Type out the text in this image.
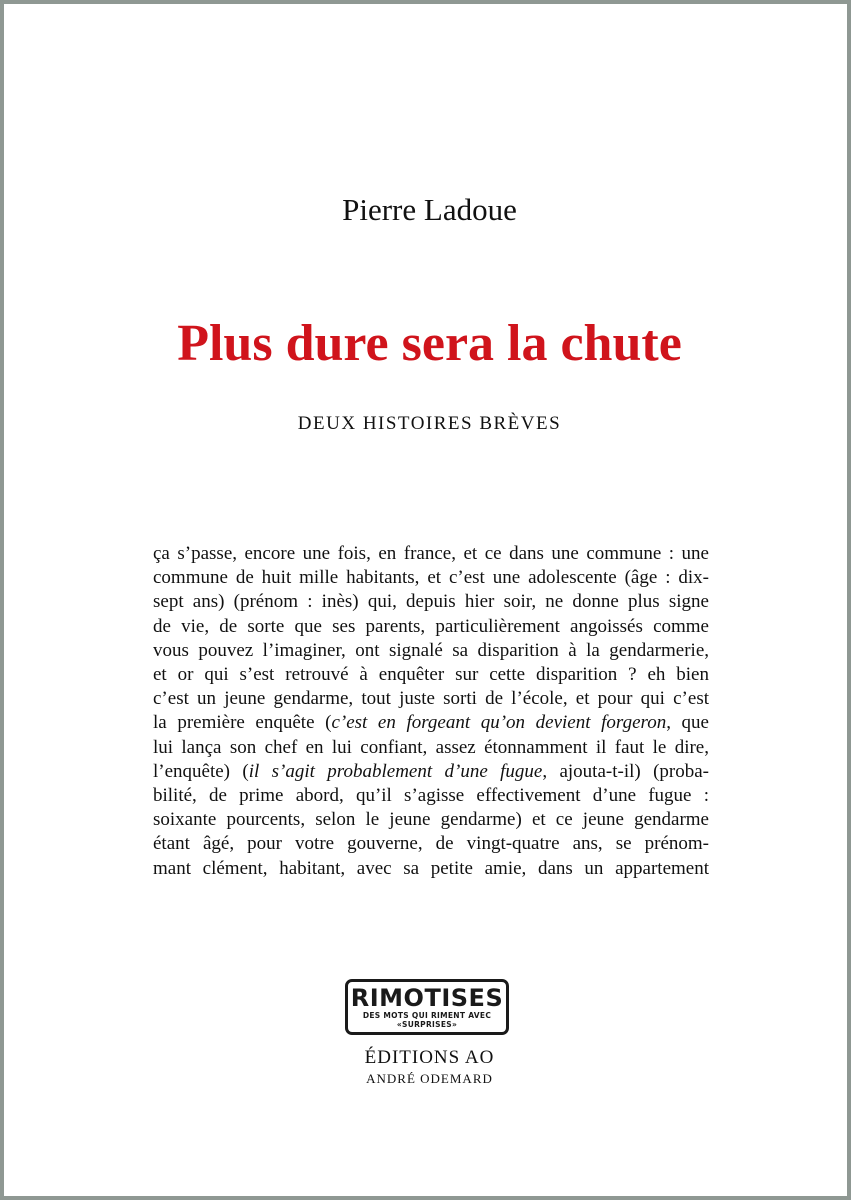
Pierre Ladoue
Plus dure sera la chute
DEUX HISTOIRES BRÈVES
ça s’passe, encore une fois, en france, et ce dans une commune : une
commune de huit mille habitants, et c’est une adolescente (âge : dix-
sept ans) (prénom : inès) qui, depuis hier soir, ne donne plus signe
de vie, de sorte que ses parents, particulièrement angoissés comme
vous pouvez l’imaginer, ont signalé sa disparition à la gendarmerie,
et or qui s’est retrouvé à enquêter sur cette disparition ? eh bien
c’est un jeune gendarme, tout juste sorti de l’école, et pour qui c’est
la première enquête (c’est en forgeant qu’on devient forgeron, que
lui lança son chef en lui confiant, assez étonnamment il faut le dire,
l’enquête) (il s’agit probablement d’une fugue, ajouta-t-il) (proba-
bilité, de prime abord, qu’il s’agisse effectivement d’une fugue :
soixante pourcents, selon le jeune gendarme) et ce jeune gendarme
étant âgé, pour votre gouverne, de vingt-quatre ans, se prénom-
mant clément, habitant, avec sa petite amie, dans un appartement
RIMOTISES
DES MOTS QUI RIMENT AVEC
«SURPRISES»
ÉDITIONS AO
ANDRÉ ODEMARD
